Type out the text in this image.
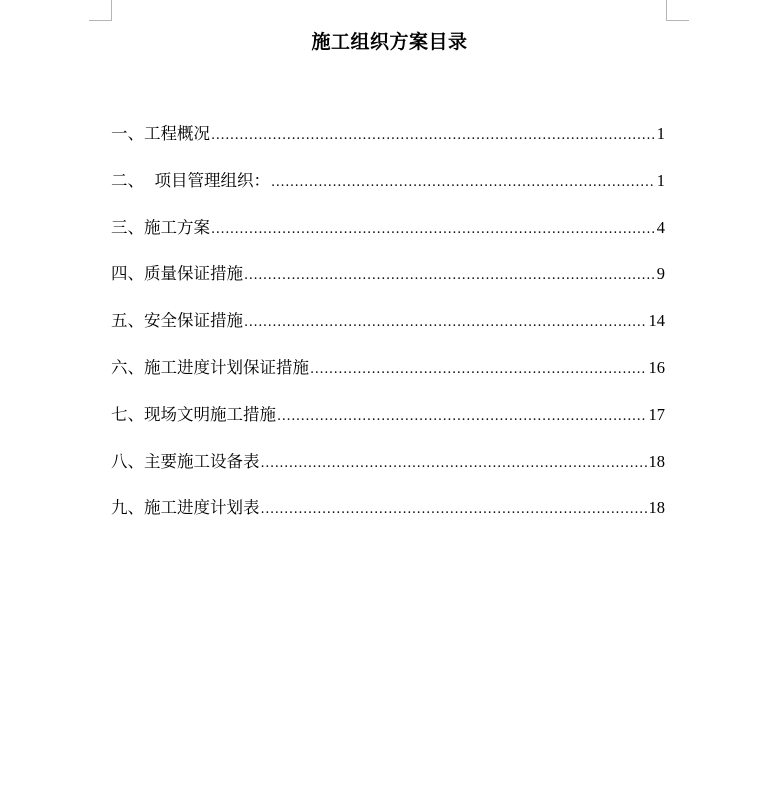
施工组织方案目录
一、工程概况 .....	1
二、  项目管理组织： .....	1
三、施工方案 .....	4
四、质量保证措施 .....	9
五、安全保证措施 .....	14
六、施工进度计划保证措施 .....	16
七、现场文明施工措施 .....	17
八、主要施工设备表 .....	18
九、施工进度计划表 .....	18
